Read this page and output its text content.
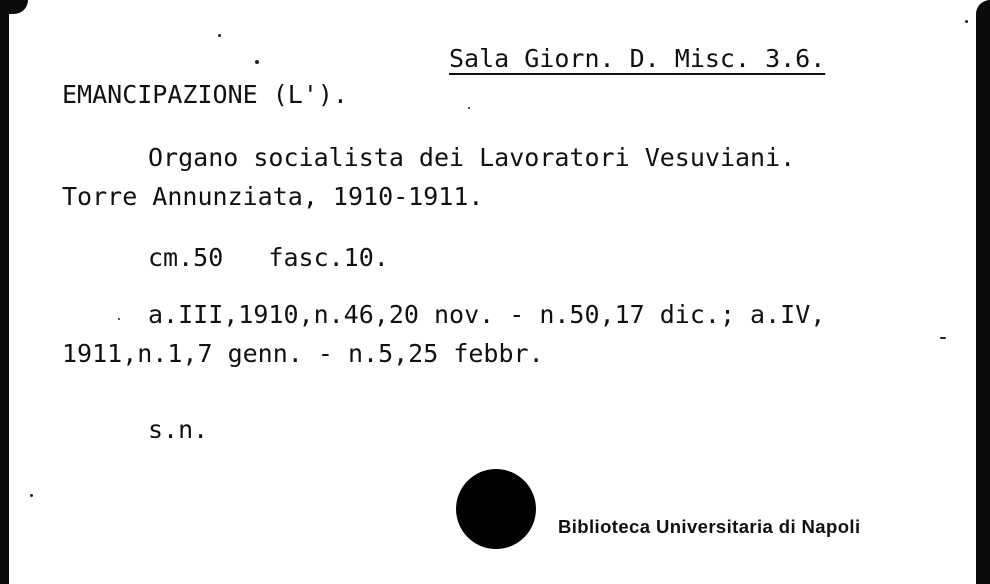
Sala Giorn. D. Misc. 3.6.
EMANCIPAZIONE (L').
Organo socialista dei Lavoratori Vesuviani.
Torre Annunziata, 1910-1911.
cm.50   fasc.10.
a.III,1910,n.46,20 nov. - n.50,17 dic.; a.IV,
1911,n.1,7 genn. - n.5,25 febbr.
s.n.
Biblioteca Universitaria di Napoli
